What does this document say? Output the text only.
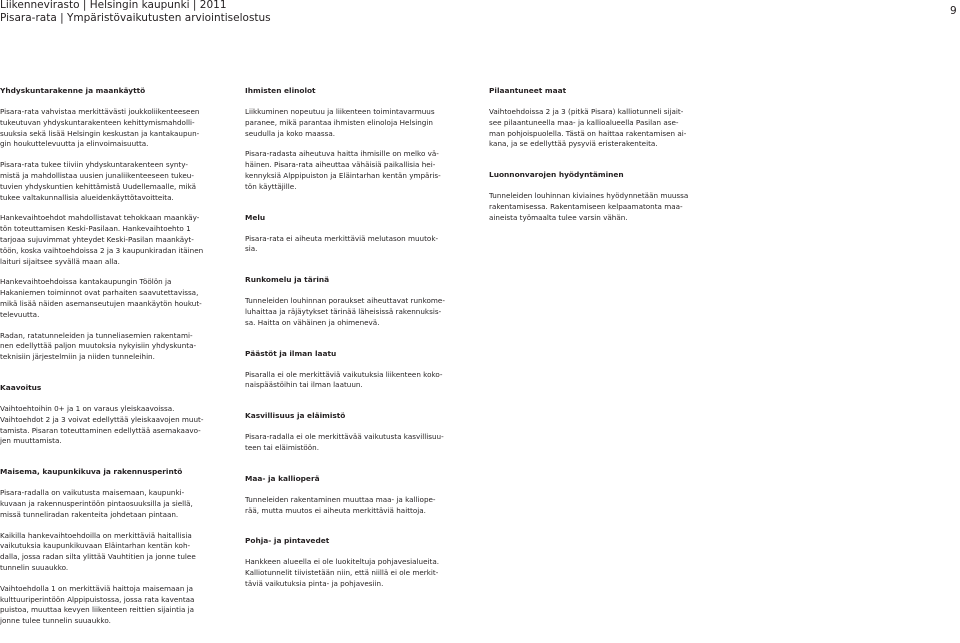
Liikennevirasto | Helsingin kaupunki | 2011
Pisara-rata | Ympäristövaikutusten arviointiselostus
9
Yhdyskuntarakenne ja maankäyttö

Pisara-rata vahvistaa merkittävästi joukkoliikenteeseen
tukeutuvan yhdyskuntarakenteen kehittymismahdolli-
suuksia sekä lisää Helsingin keskustan ja kantakaupun-
gin houkuttelevuutta ja elinvoimaisuutta.

Pisara-rata tukee tiiviin yhdyskuntarakenteen synty-
mistä ja mahdollistaa uusien junaliikenteeseen tukeu-
tuvien yhdyskuntien kehittämistä Uudellemaalle, mikä
tukee valtakunnallisia alueidenkäyttötavoitteita.

Hankevaihtoehdot mahdollistavat tehokkaan maankäy-
tön toteuttamisen Keski-Pasilaan. Hankevaihtoehto 1
tarjoaa sujuvimmat yhteydet Keski-Pasilan maankäyt-
töön, koska vaihtoehdoissa 2 ja 3 kaupunkiradan itäinen
laituri sijaitsee syvällä maan alla.

Hankevaihtoehdoissa kantakaupungin Töölön ja
Hakaniemen toiminnot ovat parhaiten saavutettavissa,
mikä lisää näiden asemanseutujen maankäytön houkut-
televuutta.

Radan, ratatunneleiden ja tunneliasemien rakentami-
nen edellyttää paljon muutoksia nykyisiin yhdyskunta-
teknisiin järjestelmiin ja niiden tunneleihin.

Kaavoitus

Vaihtoehtoihin 0+ ja 1 on varaus yleiskaavoissa.
Vaihtoehdot 2 ja 3 voivat edellyttää yleiskaavojen muut-
tamista. Pisaran toteuttaminen edellyttää asemakaavo-
jen muuttamista.

Maisema, kaupunkikuva ja rakennusperintö

Pisara-radalla on vaikutusta maisemaan, kaupunki-
kuvaan ja rakennusperintöön pintaosuuksilla ja siellä,
missä tunneliradan rakenteita johdetaan pintaan.

Kaikilla hankevaihtoehdoilla on merkittäviä haitallisia
vaikutuksia kaupunkikuvaan Eläintarhan kentän koh-
dalla, jossa radan silta ylittää Vauhtitien ja jonne tulee
tunnelin suuaukko.

Vaihtoehdolla 1 on merkittäviä haittoja maisemaan ja
kulttuuriperintöön Alppipuistossa, jossa rata kaventaa
puistoa, muuttaa kevyen liikenteen reittien sijaintia ja
jonne tulee tunnelin suuaukko.

Ihmisten elinolot

Liikkuminen nopeutuu ja liikenteen toimintavarmuus
paranee, mikä parantaa ihmisten elinoloja Helsingin
seudulla ja koko maassa.

Pisara-radasta aiheutuva haitta ihmisille on melko vä-
häinen. Pisara-rata aiheuttaa vähäisiä paikallisia hei-
kennyksiä Alppipuiston ja Eläintarhan kentän ympäris-
tön käyttäjille.

Melu

Pisara-rata ei aiheuta merkittäviä melutason muutok-
sia.

Runkomelu ja tärinä

Tunneleiden louhinnan poraukset aiheuttavat runkome-
luhaittaa ja räjäytykset tärinää läheisissä rakennuksis-
sa. Haitta on vähäinen ja ohimenevä.

Päästöt ja ilman laatu

Pisaralla ei ole merkittäviä vaikutuksia liikenteen koko-
naispäästöihin tai ilman laatuun.

Kasvillisuus ja eläimistö

Pisara-radalla ei ole merkittävää vaikutusta kasvillisuu-
teen tai eläimistöön.

Maa- ja kallioperä

Tunneleiden rakentaminen muuttaa maa- ja kalliope-
rää, mutta muutos ei aiheuta merkittäviä haittoja.

Pohja- ja pintavedet

Hankkeen alueella ei ole luokiteltuja pohjavesialueita.
Kalliotunnelit tiivistetään niin, että niillä ei ole merkit-
täviä vaikutuksia pinta- ja pohjavesiin.

Pilaantuneet maat

Vaihtoehdoissa 2 ja 3 (pitkä Pisara) kalliotunneli sijait-
see pilaantuneella maa- ja kallioalueella Pasilan ase-
man pohjoispuolella. Tästä on haittaa rakentamisen ai-
kana, ja se edellyttää pysyviä eristerakenteita.

Luonnonvarojen hyödyntäminen

Tunneleiden louhinnan kiviaines hyödynnetään muussa
rakentamisessa. Rakentamiseen kelpaamatonta maa-
aineista työmaalta tulee varsin vähän.
